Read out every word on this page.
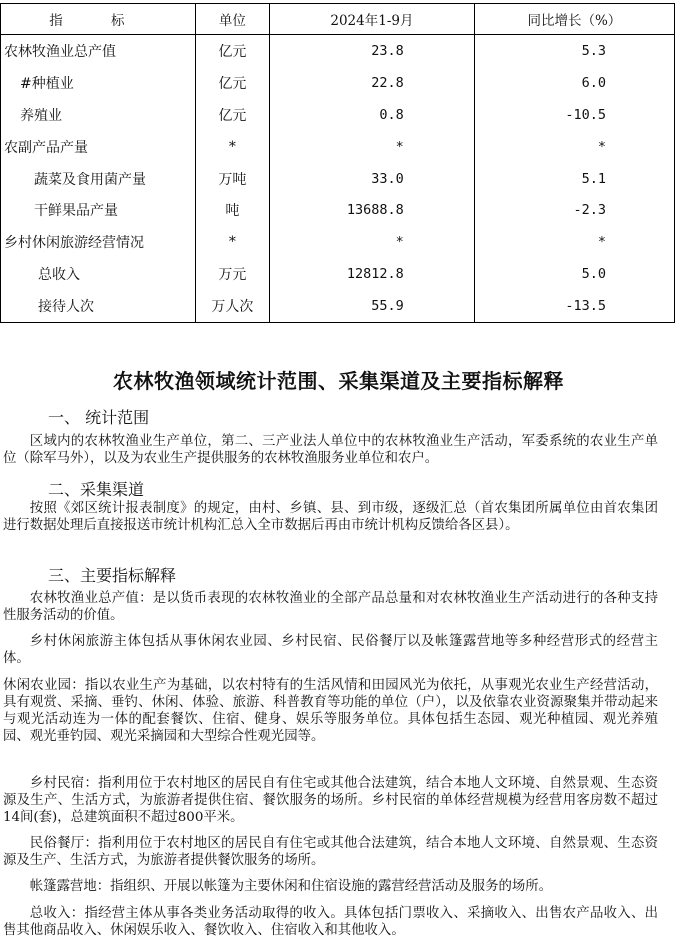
指 标	单位	2024年1-9月	同比增长（%）
农林牧渔业总产值	亿元	23.8	5.3
#种植业	亿元	22.8	6.0
养殖业	亿元	0.8	-10.5
农副产品产量	*	*	*
蔬菜及食用菌产量	万吨	33.0	5.1
干鲜果品产量	吨	13688.8	-2.3
乡村休闲旅游经营情况	*	*	*
总收入	万元	12812.8	5.0
接待人次	万人次	55.9	-13.5
农林牧渔领域统计范围、采集渠道及主要指标解释
一、 统计范围

区域内的农林牧渔业生产单位，第二、三产业法人单位中的农林牧渔业生产活动，军委系统的农业生产单位（除军马外），以及为农业生产提供服务的农林牧渔服务业单位和农户。

二、采集渠道

按照《郊区统计报表制度》的规定，由村、乡镇、县、到市级，逐级汇总（首农集团所属单位由首农集团进行数据处理后直接报送市统计机构汇总入全市数据后再由市统计机构反馈给各区县）。

三、主要指标解释

农林牧渔业总产值：是以货币表现的农林牧渔业的全部产品总量和对农林牧渔业生产活动进行的各种支持性服务活动的价值。

乡村休闲旅游主体包括从事休闲农业园、乡村民宿、民俗餐厅以及帐篷露营地等多种经营形式的经营主体。

休闲农业园：指以农业生产为基础，以农村特有的生活风情和田园风光为依托，从事观光农业生产经营活动，具有观赏、采摘、垂钓、休闲、体验、旅游、科普教育等功能的单位（户），以及依靠农业资源聚集并带动起来与观光活动连为一体的配套餐饮、住宿、健身、娱乐等服务单位。具体包括生态园、观光种植园、观光养殖园、观光垂钓园、观光采摘园和大型综合性观光园等。

乡村民宿：指利用位于农村地区的居民自有住宅或其他合法建筑，结合本地人文环境、自然景观、生态资源及生产、生活方式，为旅游者提供住宿、餐饮服务的场所。乡村民宿的单体经营规模为经营用客房数不超过14间(套)，总建筑面积不超过800平米。

民俗餐厅：指利用位于农村地区的居民自有住宅或其他合法建筑，结合本地人文环境、自然景观、生态资源及生产、生活方式，为旅游者提供餐饮服务的场所。

帐篷露营地：指组织、开展以帐篷为主要休闲和住宿设施的露营经营活动及服务的场所。

总收入：指经营主体从事各类业务活动取得的收入。具体包括门票收入、采摘收入、出售农产品收入、出售其他商品收入、休闲娱乐收入、餐饮收入、住宿收入和其他收入。
